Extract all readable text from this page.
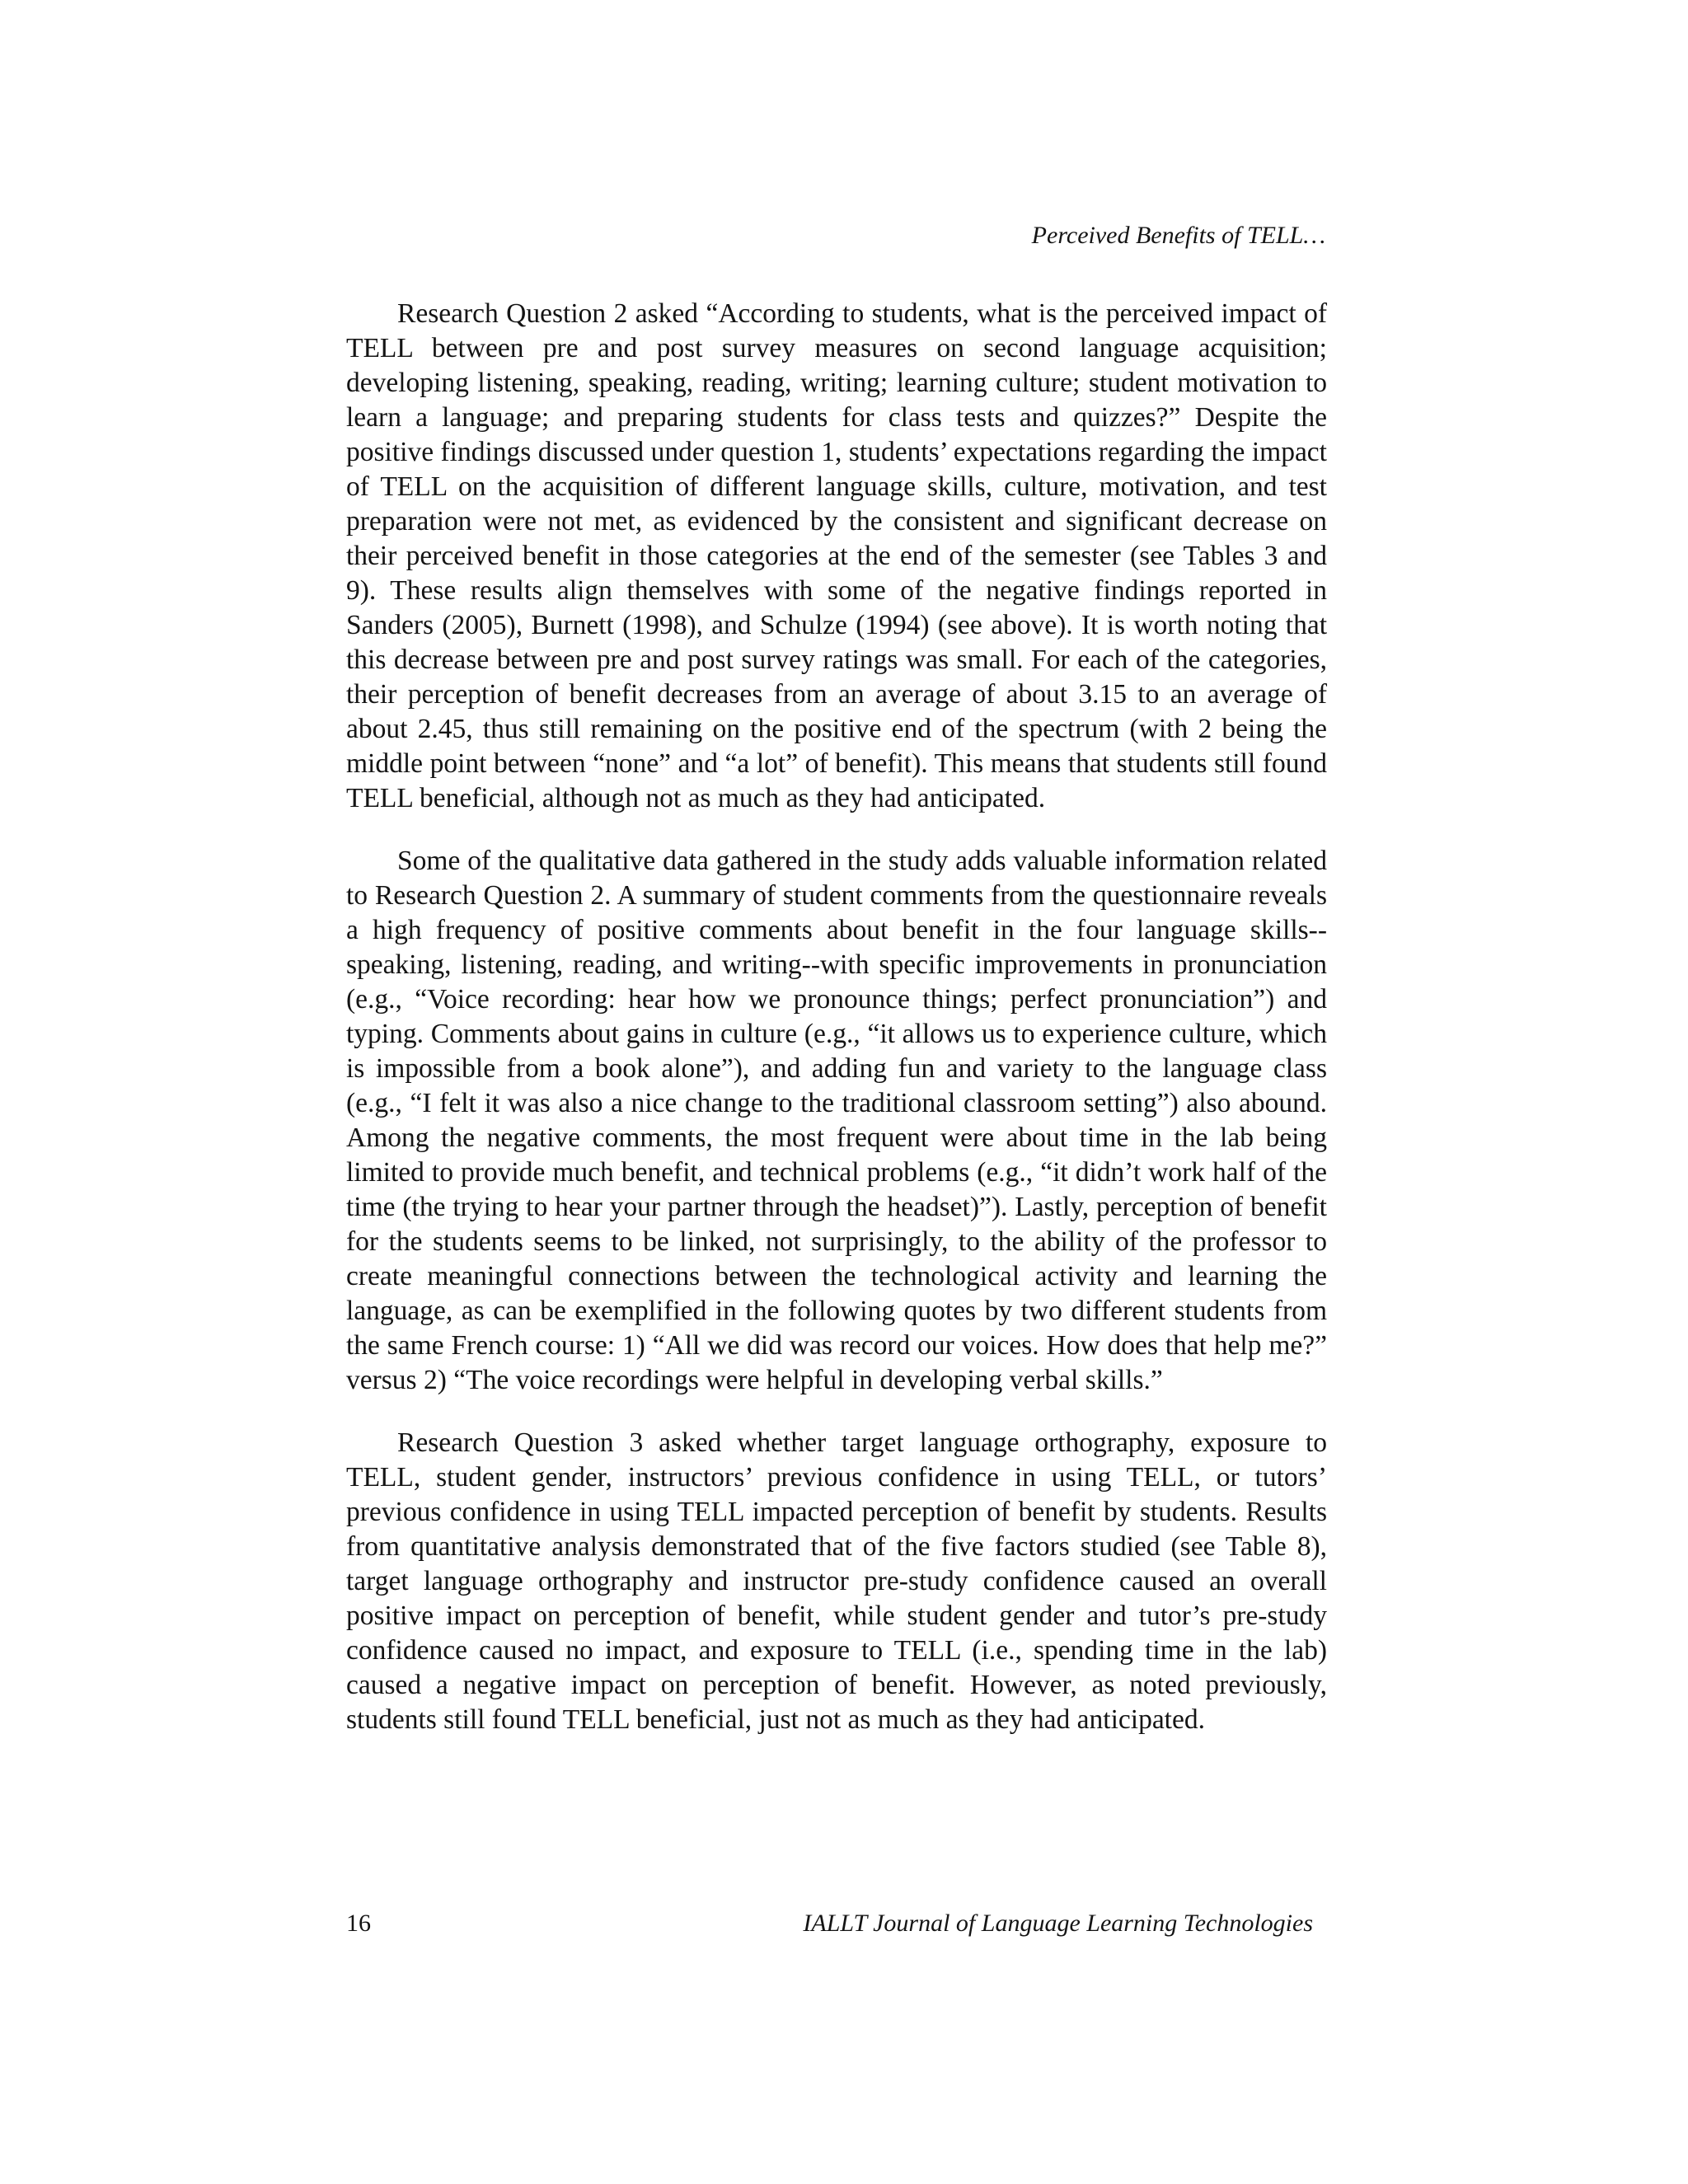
Perceived Benefits of TELL…

Research Question 2 asked “According to students, what is the perceived impact of TELL between pre and post survey measures on second language acquisition; developing listening, speaking, reading, writing; learning culture; student motivation to learn a language; and preparing students for class tests and quizzes?” Despite the positive findings discussed under question 1, students’ expectations regarding the impact of TELL on the acquisition of different language skills, culture, motivation, and test preparation were not met, as evidenced by the consistent and significant decrease on their perceived benefit in those categories at the end of the semester (see Tables 3 and 9). These results align themselves with some of the negative findings reported in Sanders (2005), Burnett (1998), and Schulze (1994) (see above). It is worth noting that this decrease between pre and post survey ratings was small. For each of the categories, their perception of benefit decreases from an average of about 3.15 to an average of about 2.45, thus still remaining on the positive end of the spectrum (with 2 being the middle point between “none” and “a lot” of benefit). This means that students still found TELL beneficial, although not as much as they had anticipated.

Some of the qualitative data gathered in the study adds valuable information related to Research Question 2. A summary of student comments from the questionnaire reveals a high frequency of positive comments about benefit in the four language skills-- speaking, listening, reading, and writing--with specific improvements in pronunciation (e.g., “Voice recording: hear how we pronounce things; perfect pronunciation”) and typing. Comments about gains in culture (e.g., “it allows us to experience culture, which is impossible from a book alone”), and adding fun and variety to the language class (e.g., “I felt it was also a nice change to the traditional classroom setting”) also abound. Among the negative comments, the most frequent were about time in the lab being limited to provide much benefit, and technical problems (e.g., “it didn’t work half of the time (the trying to hear your partner through the headset)”). Lastly, perception of benefit for the students seems to be linked, not surprisingly, to the ability of the professor to create meaningful connections between the technological activity and learning the language, as can be exemplified in the following quotes by two different students from the same French course: 1) “All we did was record our voices. How does that help me?” versus 2) “The voice recordings were helpful in developing verbal skills.”

Research Question 3 asked whether target language orthography, exposure to TELL, student gender, instructors’ previous confidence in using TELL, or tutors’ previous confidence in using TELL impacted perception of benefit by students. Results from quantitative analysis demonstrated that of the five factors studied (see Table 8), target language orthography and instructor pre-study confidence caused an overall positive impact on perception of benefit, while student gender and tutor’s pre-study confidence caused no impact, and exposure to TELL (i.e., spending time in the lab) caused a negative impact on perception of benefit. However, as noted previously, students still found TELL beneficial, just not as much as they had anticipated.

16	IALLT Journal of Language Learning Technologies
